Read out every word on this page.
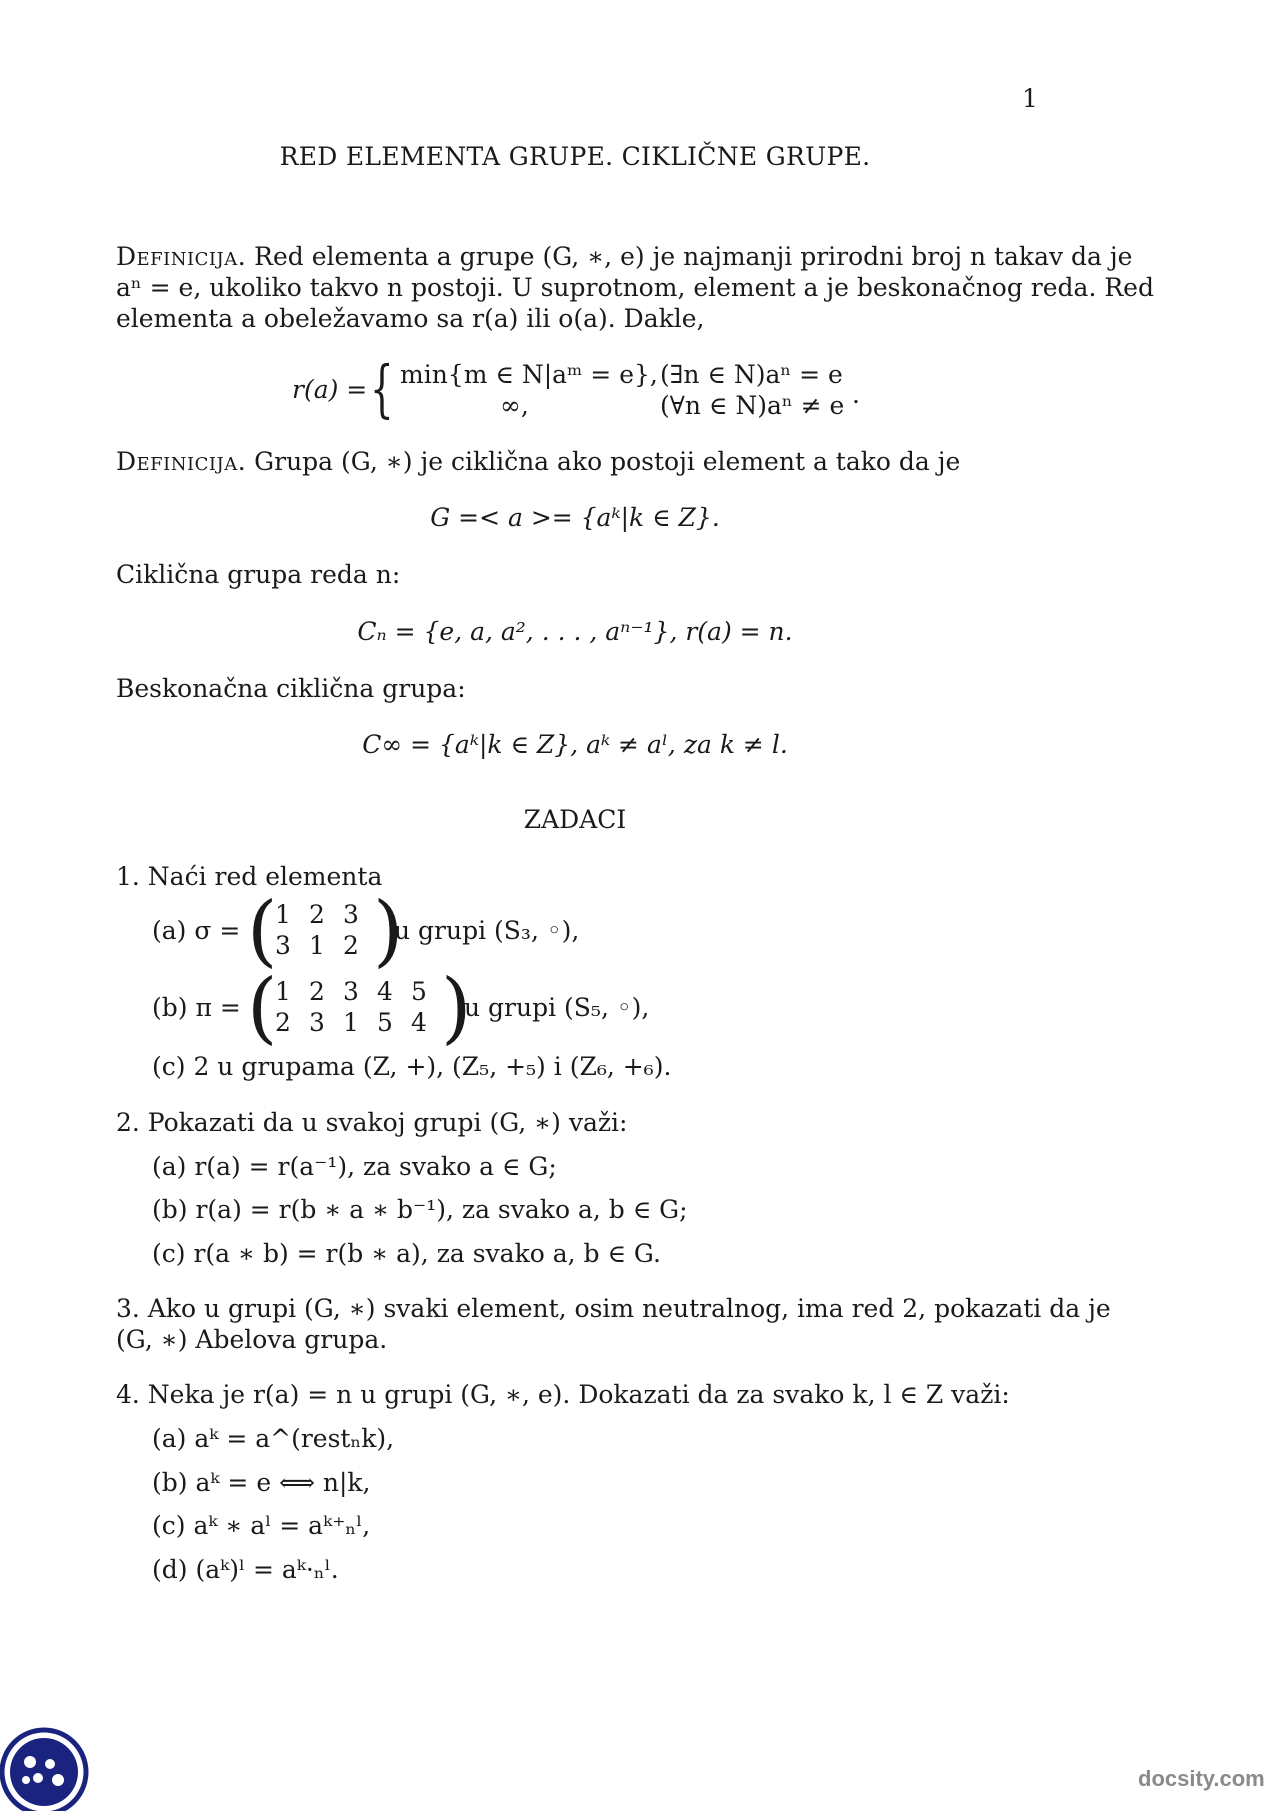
1
RED ELEMENTA GRUPE. CIKLIČNE GRUPE.
Definicija. Red elementa a grupe (G, ∗, e) je najmanji prirodni broj n takav da je
aⁿ = e, ukoliko takvo n postoji. U suprotnom, element a je beskonačnog reda. Red
elementa a obeležavamo sa r(a) ili o(a). Dakle,
r(a) = { min{m ∈ N|aᵐ = e}, (∃n ∈ N)aⁿ = e
∞,	(∀n ∈ N)aⁿ ≠ e .
Definicija. Grupa (G, ∗) je ciklična ako postoji element a tako da je
G =< a >= {aᵏ|k ∈ Z}.
Ciklična grupa reda n:
Cₙ = {e, a, a², . . . , aⁿ⁻¹}, r(a) = n.
Beskonačna ciklična grupa:
C∞ = {aᵏ|k ∈ Z}, aᵏ ≠ aˡ, za k ≠ l.
ZADACI
1. Naći red elementa
(a) σ = (
1 2 3
3 1 2 )
u grupi (S₃, ◦),
(b) π = (
1 2 3 4 5
2 3 1 5 4 )
u grupi (S₅, ◦),
(c) 2 u grupama (Z, +), (Z₅, +₅) i (Z₆, +₆).
2. Pokazati da u svakoj grupi (G, ∗) važi:
(a) r(a) = r(a⁻¹), za svako a ∈ G;
(b) r(a) = r(b ∗ a ∗ b⁻¹), za svako a, b ∈ G;
(c) r(a ∗ b) = r(b ∗ a), za svako a, b ∈ G.
3. Ako u grupi (G, ∗) svaki element, osim neutralnog, ima red 2, pokazati da je
(G, ∗) Abelova grupa.
4. Neka je r(a) = n u grupi (G, ∗, e). Dokazati da za svako k, l ∈ Z važi:
(a) aᵏ = a^(restₙk),
(b) aᵏ = e ⟺ n|k,
(c) aᵏ ∗ aˡ = aᵏ⁺ₙˡ,
(d) (aᵏ)ˡ = aᵏ·ₙˡ.
docsity.com
